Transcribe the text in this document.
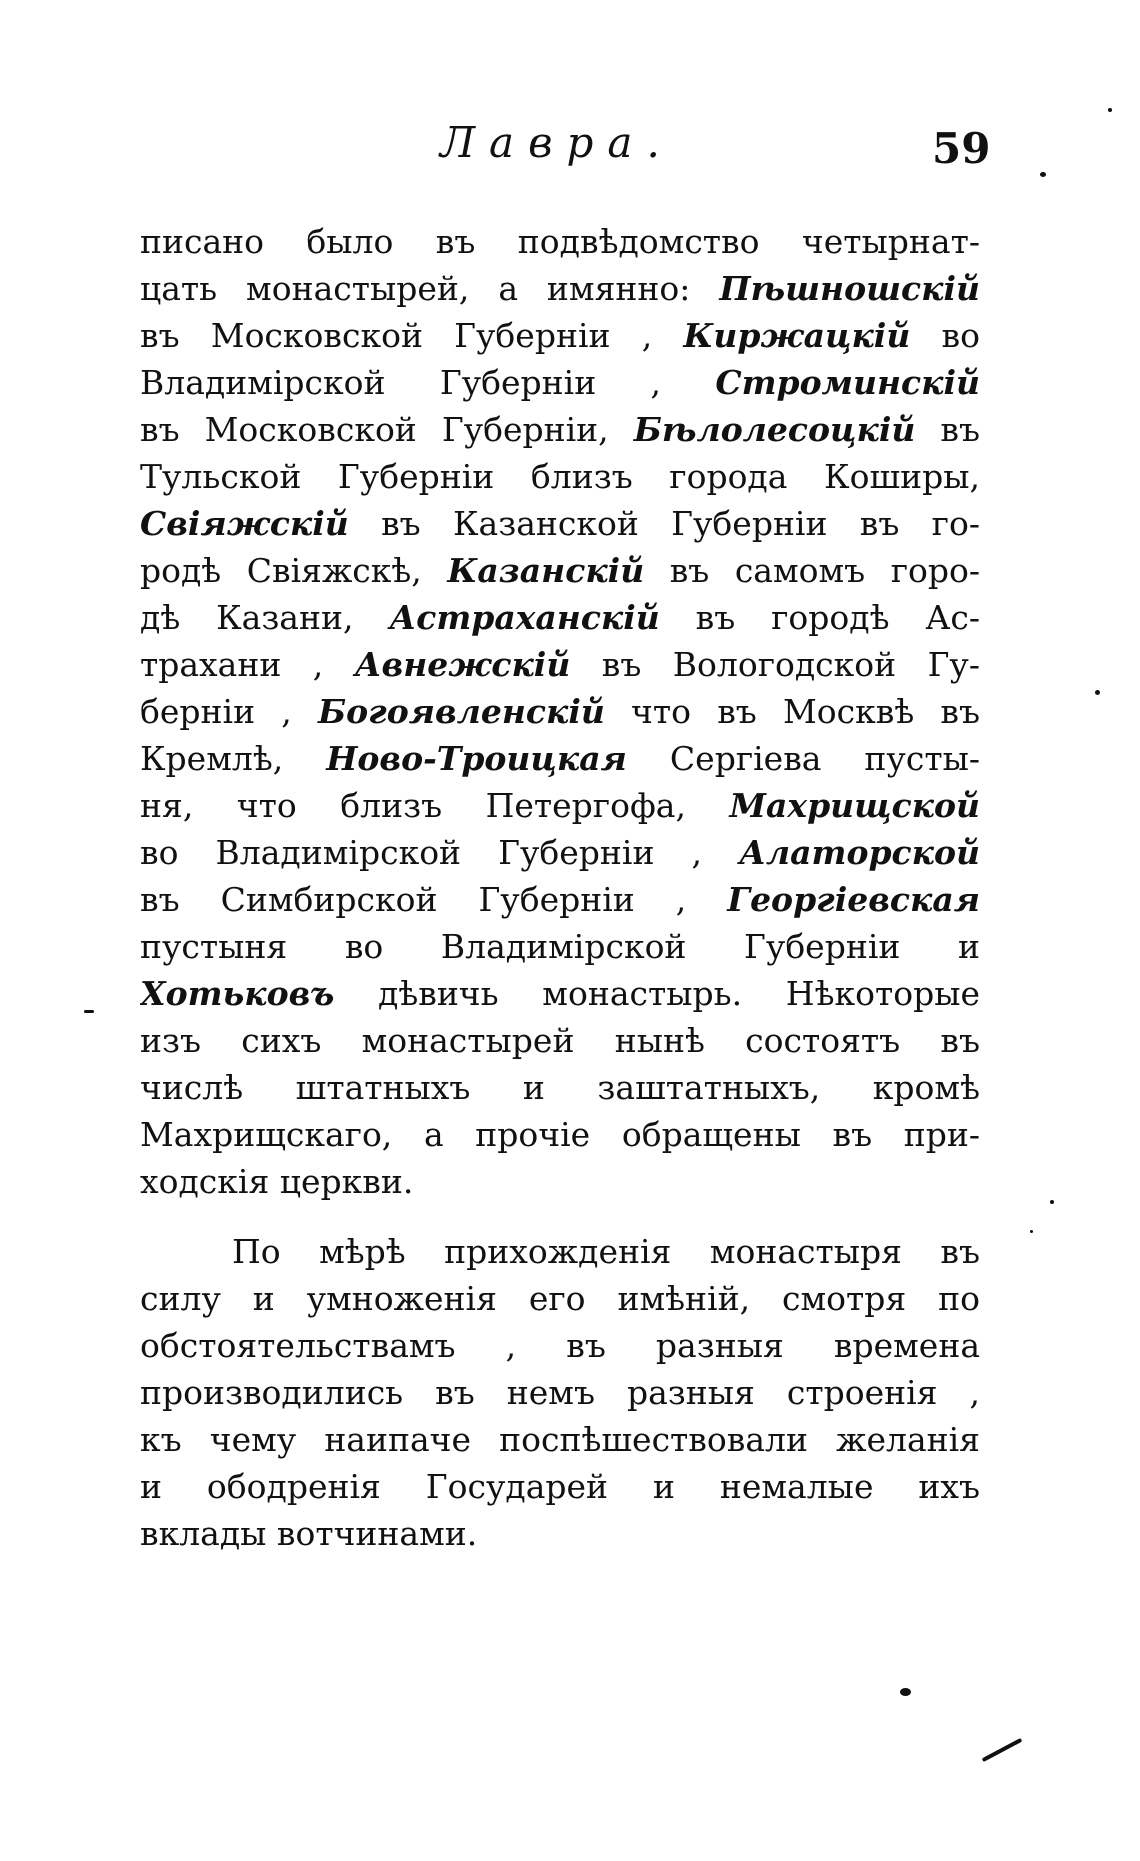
Лавра.	59
писано было въ подвѣдомство четырнат-
цать монастырей, а имянно: Пѣшношскій
въ Московской Губерніи , Киржацкій во
Владимірской Губерніи , Строминскій
въ Московской Губерніи, Бѣлолесоцкій въ
Тульской Губерніи близъ города Коширы,
Свіяжскій въ Казанской Губерніи въ го-
родѣ Свіяжскѣ, Казанскій въ самомъ горо-
дѣ Казани, Астраханскій въ городѣ Ас-
трахани , Авнежскій въ Вологодской Гу-
берніи , Богоявленскій что въ Москвѣ въ
Кремлѣ, Ново-Троицкая Сергіева пусты-
ня, что близъ Петергофа, Махрищской
во Владимірской Губерніи , Алаторской
въ Симбирской Губерніи , Георгіевская
пустыня во Владимірской Губерніи и
Хотьковъ дѣвичь монастырь. Нѣкоторые
изъ сихъ монастырей нынѣ состоятъ въ
числѣ штатныхъ и заштатныхъ, кромѣ
Махрищскаго, а прочіе обращены въ при-
ходскія церкви.
По мѣрѣ прихожденія монастыря въ
силу и умноженія его имѣній, смотря по
обстоятельствамъ , въ разныя времена
производились въ немъ разныя строенія ,
къ чему наипаче поспѣшествовали желанія
и ободренія Государей и немалые ихъ
вклады вотчинами.
